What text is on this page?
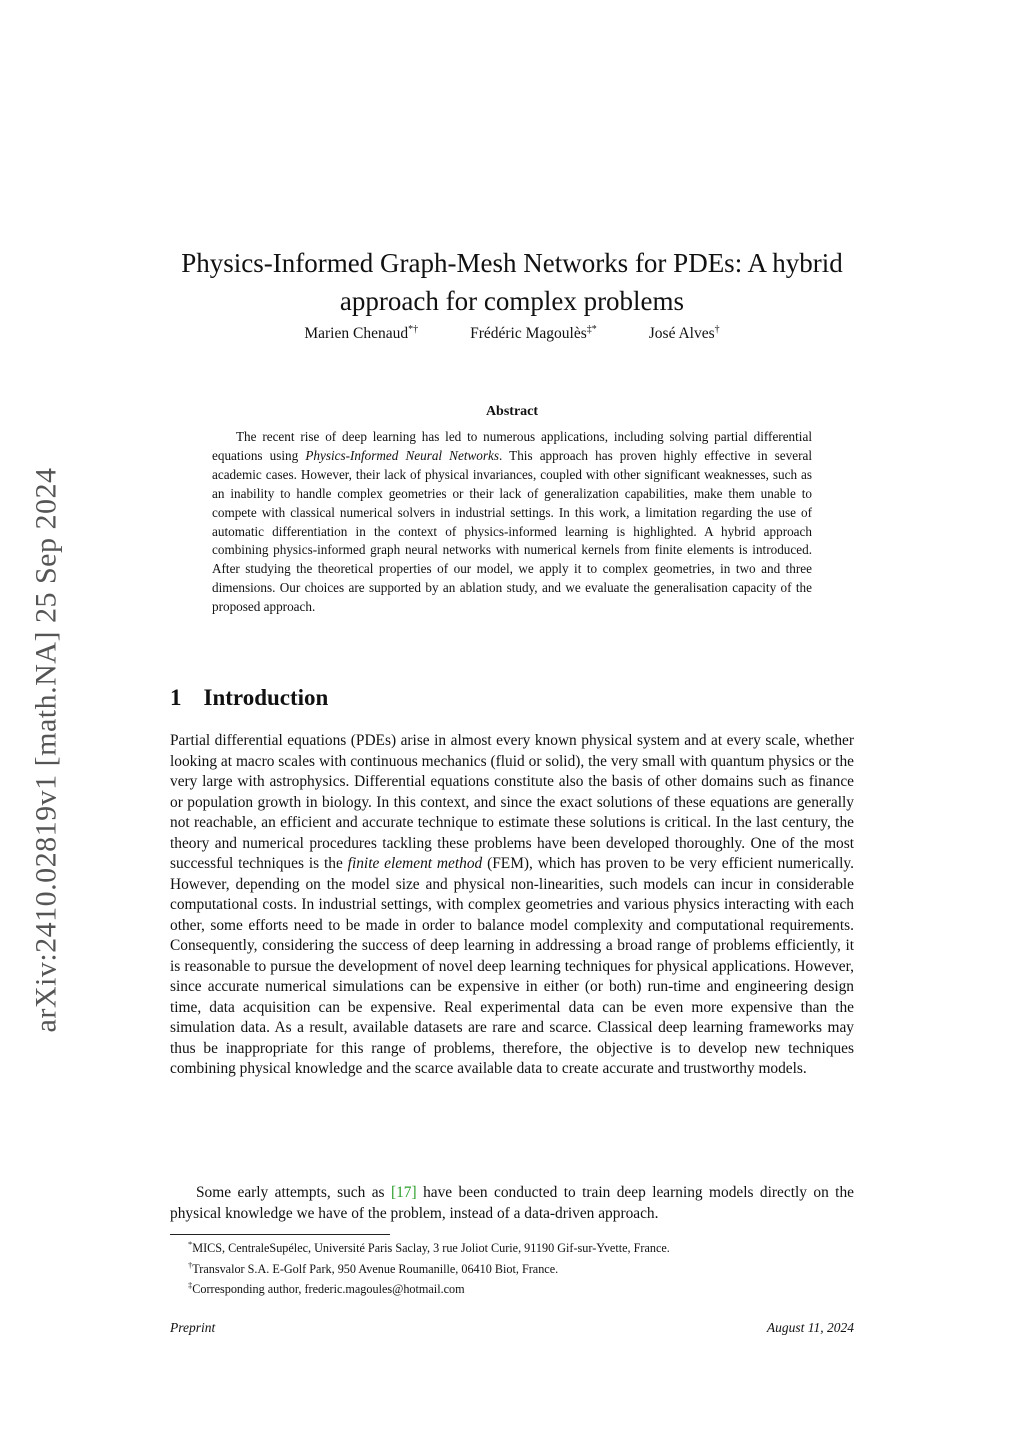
arXiv:2410.02819v1 [math.NA] 25 Sep 2024
Physics-Informed Graph-Mesh Networks for PDEs: A hybrid approach for complex problems
Marien Chenaud*†	Frédéric Magoulès‡*	José Alves†
Abstract

The recent rise of deep learning has led to numerous applications, including solving partial differential equations using Physics-Informed Neural Networks. This approach has proven highly effective in several academic cases. However, their lack of physical invariances, coupled with other significant weaknesses, such as an inability to handle complex geometries or their lack of generalization capabilities, make them unable to compete with classical numerical solvers in industrial settings. In this work, a limitation regarding the use of automatic differentiation in the context of physics-informed learning is highlighted. A hybrid approach combining physics-informed graph neural networks with numerical kernels from finite elements is introduced. After studying the theoretical properties of our model, we apply it to complex geometries, in two and three dimensions. Our choices are supported by an ablation study, and we evaluate the generalisation capacity of the proposed approach.

1 Introduction

Partial differential equations (PDEs) arise in almost every known physical system and at every scale, whether looking at macro scales with continuous mechanics (fluid or solid), the very small with quantum physics or the very large with astrophysics. Differential equations constitute also the basis of other domains such as finance or population growth in biology. In this context, and since the exact solutions of these equations are generally not reachable, an efficient and accurate technique to estimate these solutions is critical. In the last century, the theory and numerical procedures tackling these problems have been developed thoroughly. One of the most successful techniques is the finite element method (FEM), which has proven to be very efficient numerically. However, depending on the model size and physical non-linearities, such models can incur in considerable computational costs. In industrial settings, with complex geometries and various physics interacting with each other, some efforts need to be made in order to balance model complexity and computational requirements. Consequently, considering the success of deep learning in addressing a broad range of problems efficiently, it is reasonable to pursue the development of novel deep learning techniques for physical applications. However, since accurate numerical simulations can be expensive in either (or both) run-time and engineering design time, data acquisition can be expensive. Real experimental data can be even more expensive than the simulation data. As a result, available datasets are rare and scarce. Classical deep learning frameworks may thus be inappropriate for this range of problems, therefore, the objective is to develop new techniques combining physical knowledge and the scarce available data to create accurate and trustworthy models.

Some early attempts, such as [17] have been conducted to train deep learning models directly on the physical knowledge we have of the problem, instead of a data-driven approach.

*MICS, CentraleSupélec, Université Paris Saclay, 3 rue Joliot Curie, 91190 Gif-sur-Yvette, France.
†Transvalor S.A. E-Golf Park, 950 Avenue Roumanille, 06410 Biot, France.
‡Corresponding author, frederic.magoules@hotmail.com
Preprint	August 11, 2024
